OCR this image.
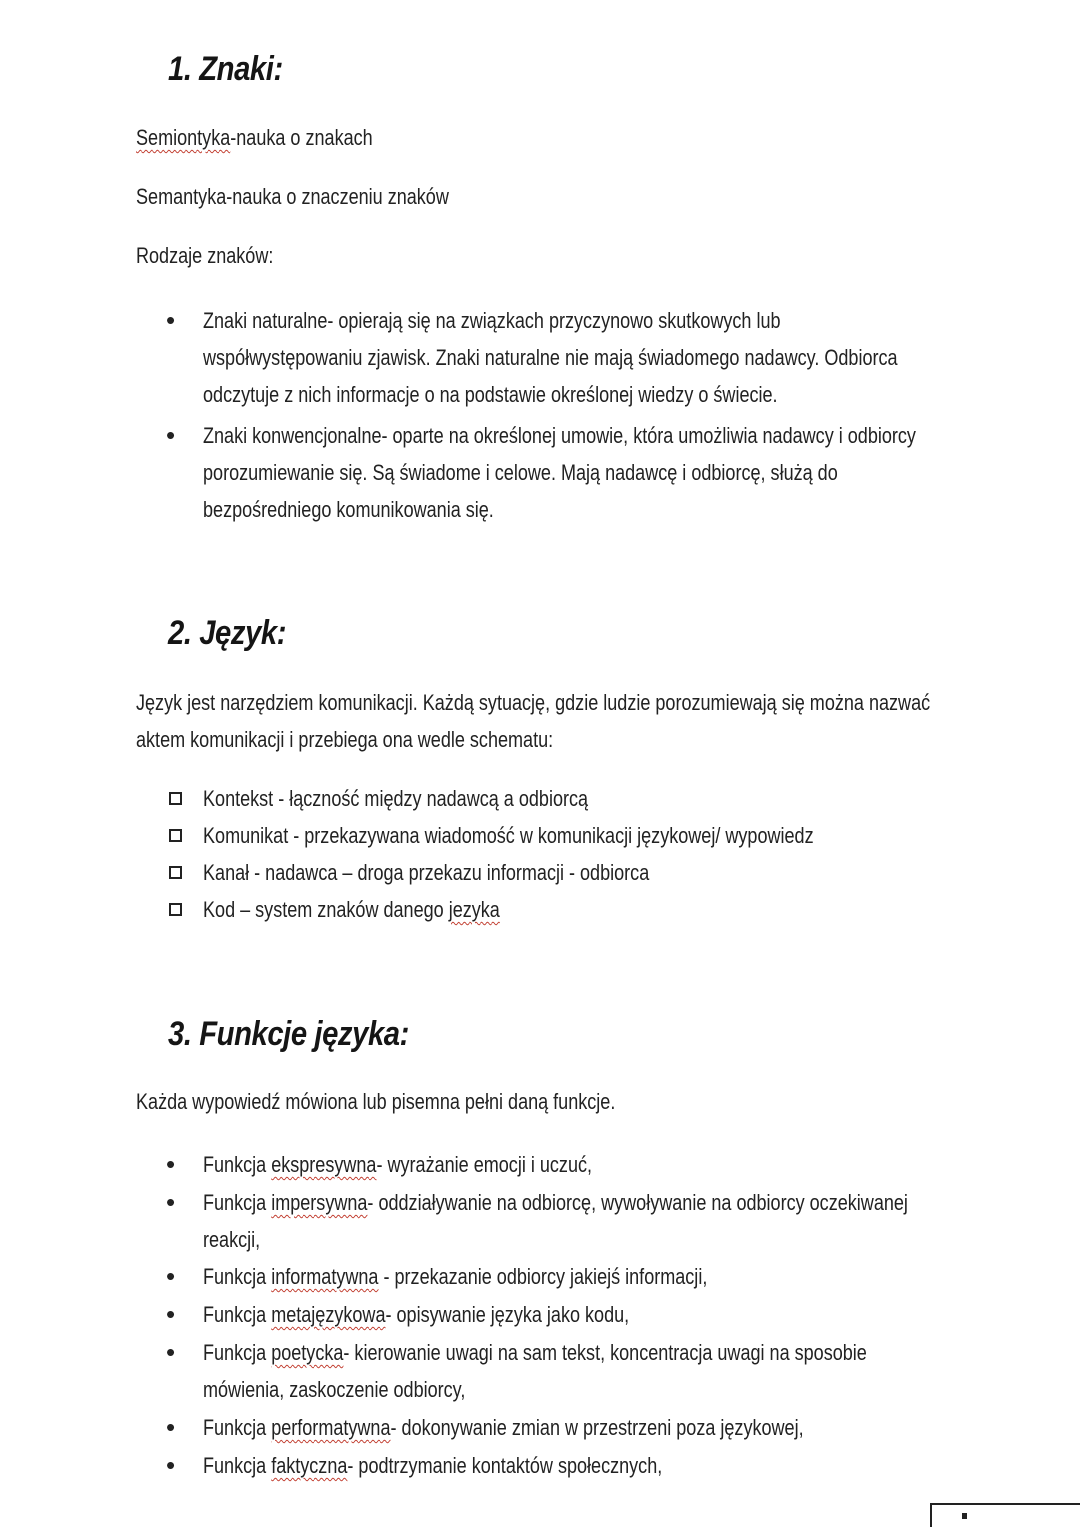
1. Znaki:
Semiontyka-nauka o znakach
Semantyka-nauka o znaczeniu znaków
Rodzaje znaków:
• Znaki naturalne- opierają się na związkach przyczynowo skutkowych lub
współwystępowaniu zjawisk. Znaki naturalne nie mają świadomego nadawcy. Odbiorca
odczytuje z nich informacje o na podstawie określonej wiedzy o świecie.
• Znaki konwencjonalne- oparte na określonej umowie, która umożliwia nadawcy i odbiorcy
porozumiewanie się. Są świadome i celowe. Mają nadawcę i odbiorcę, służą do
bezpośredniego komunikowania się.
2. Język:
Język jest narzędziem komunikacji. Każdą sytuację, gdzie ludzie porozumiewają się można nazwać
aktem komunikacji i przebiega ona wedle schematu:
Kontekst - łączność między nadawcą a odbiorcą
Komunikat - przekazywana wiadomość w komunikacji językowej/ wypowiedz
Kanał - nadawca – droga przekazu informacji - odbiorca
Kod – system znaków danego jezyka
3. Funkcje języka:
Każda wypowiedź mówiona lub pisemna pełni daną funkcje.
• Funkcja ekspresywna- wyrażanie emocji i uczuć,
• Funkcja impersywna- oddziaływanie na odbiorcę, wywoływanie na odbiorcy oczekiwanej
reakcji,
• Funkcja informatywna - przekazanie odbiorcy jakiejś informacji,
• Funkcja metajęzykowa- opisywanie języka jako kodu,
• Funkcja poetycka- kierowanie uwagi na sam tekst, koncentracja uwagi na sposobie
mówienia, zaskoczenie odbiorcy,
• Funkcja performatywna- dokonywanie zmian w przestrzeni poza językowej,
• Funkcja faktyczna- podtrzymanie kontaktów społecznych,
